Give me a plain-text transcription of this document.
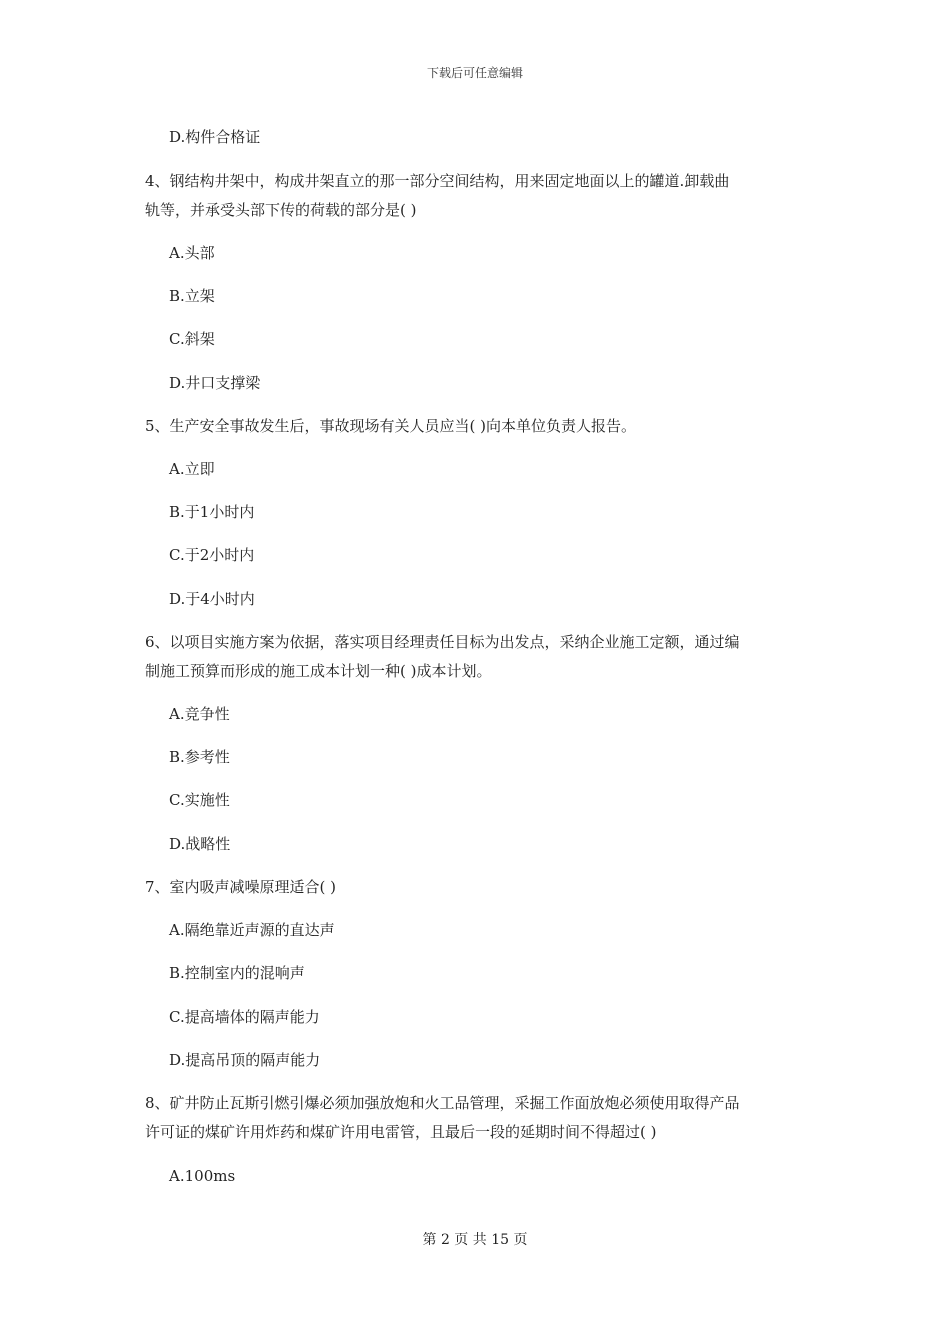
下载后可任意编辑
D.构件合格证
4、钢结构井架中，构成井架直立的那一部分空间结构，用来固定地面以上的罐道.卸载曲
轨等，并承受头部下传的荷载的部分是( )
A.头部
B.立架
C.斜架
D.井口支撑梁
5、生产安全事故发生后，事故现场有关人员应当( )向本单位负责人报告。
A.立即
B.于1小时内
C.于2小时内
D.于4小时内
6、以项目实施方案为依据，落实项目经理责任目标为出发点，采纳企业施工定额，通过编
制施工预算而形成的施工成本计划一种( )成本计划。
A.竞争性
B.参考性
C.实施性
D.战略性
7、室内吸声减噪原理适合( )
A.隔绝靠近声源的直达声
B.控制室内的混响声
C.提高墙体的隔声能力
D.提高吊顶的隔声能力
8、矿井防止瓦斯引燃引爆必须加强放炮和火工品管理，采掘工作面放炮必须使用取得产品
许可证的煤矿许用炸药和煤矿许用电雷管，且最后一段的延期时间不得超过( )
A.100ms
第 2 页 共 15 页
